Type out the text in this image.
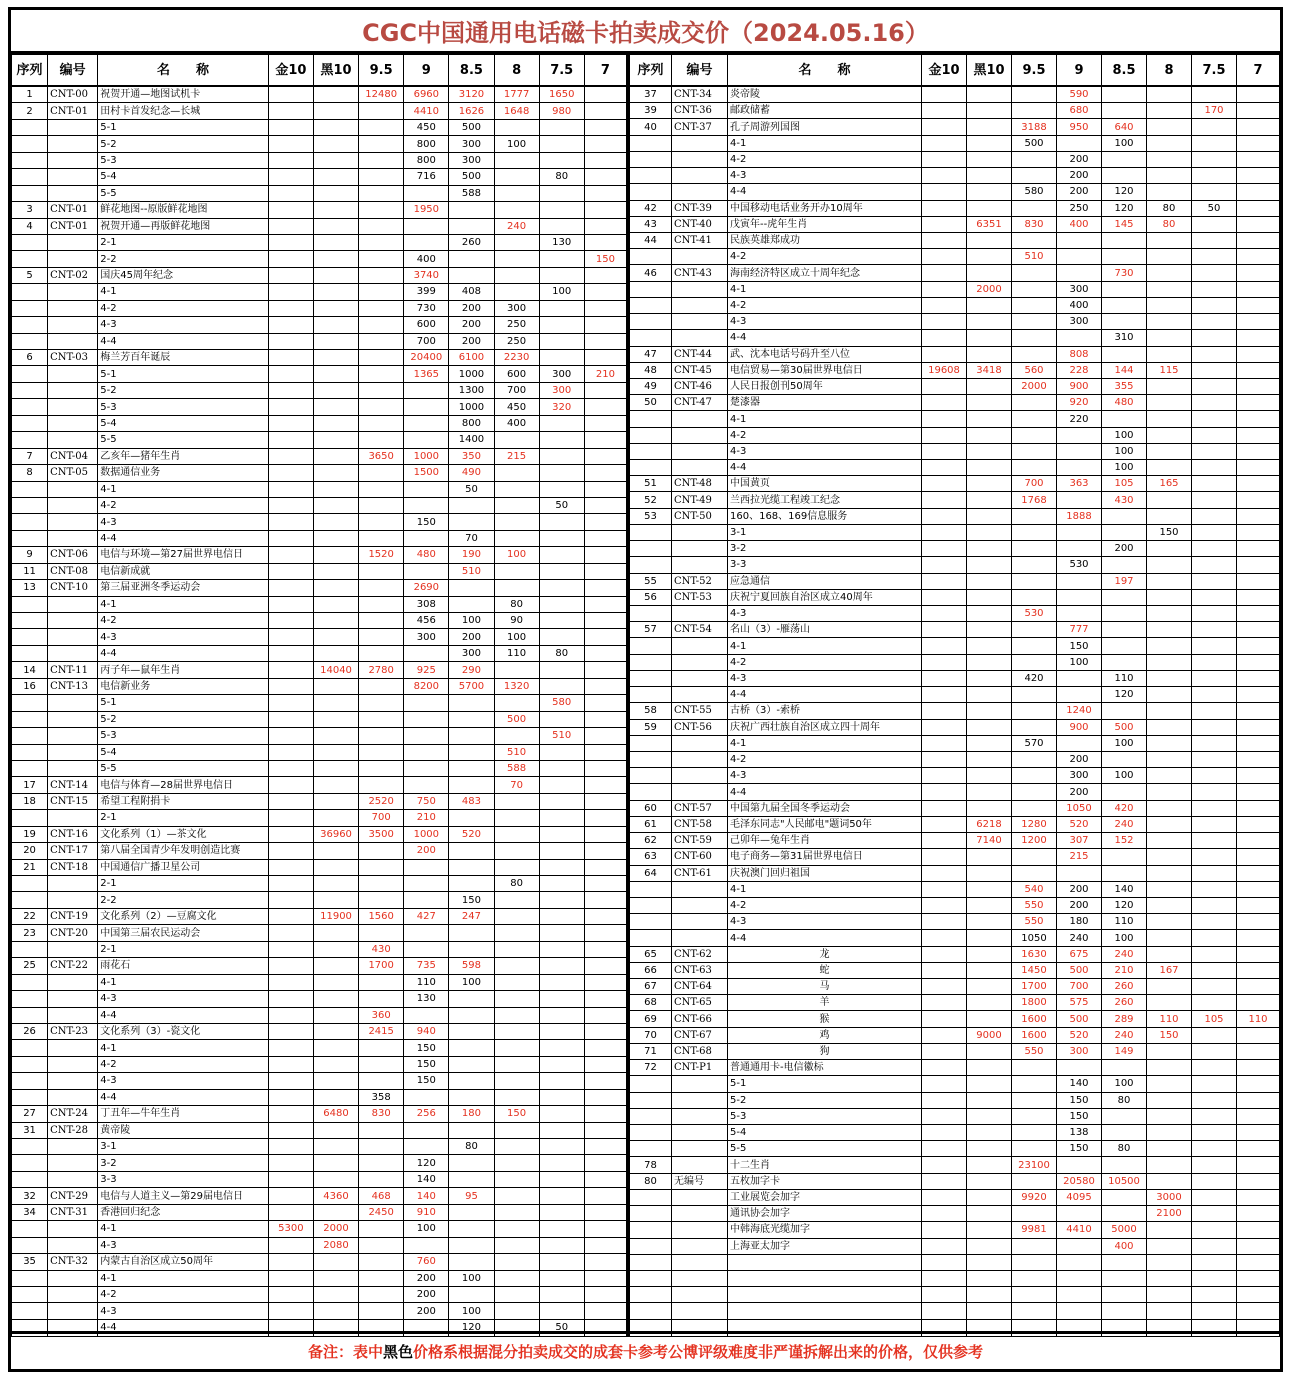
CGC中国通用电话磁卡拍卖成交价（2024.05.16）
序列	编号	名　　称	金10	黑10	9.5	9	8.5	8	7.5	7
1	CNT-00	祝贺开通—地图试机卡			12480	6960	3120	1777	1650	
2	CNT-01	田村卡首发纪念—长城				4410	1626	1648	980	
		5-1				450	500			
		5-2				800	300	100		
		5-3				800	300			
		5-4				716	500		80	
		5-5					588			
3	CNT-01	鲜花地图--原版鲜花地图				1950				
4	CNT-01	祝贺开通—再版鲜花地图						240		
		2-1					260		130	
		2-2				400				150
5	CNT-02	国庆45周年纪念				3740				
		4-1				399	408		100	
		4-2				730	200	300		
		4-3				600	200	250		
		4-4				700	200	250		
6	CNT-03	梅兰芳百年诞辰				20400	6100	2230		
		5-1				1365	1000	600	300	210
		5-2					1300	700	300	
		5-3					1000	450	320	
		5-4					800	400		
		5-5					1400			
7	CNT-04	乙亥年—猪年生肖			3650	1000	350	215		
8	CNT-05	数据通信业务				1500	490			
		4-1					50			
		4-2							50	
		4-3				150				
		4-4					70			
9	CNT-06	电信与环境—第27届世界电信日			1520	480	190	100		
11	CNT-08	电信新成就					510			
13	CNT-10	第三届亚洲冬季运动会				2690				
		4-1				308		80		
		4-2				456	100	90		
		4-3				300	200	100		
		4-4					300	110	80	
14	CNT-11	丙子年—鼠年生肖		14040	2780	925	290			
16	CNT-13	电信新业务				8200	5700	1320		
		5-1							580	
		5-2						500		
		5-3							510	
		5-4						510		
		5-5						588		
17	CNT-14	电信与体育—28届世界电信日						70		
18	CNT-15	希望工程附捐卡			2520	750	483			
		2-1			700	210				
19	CNT-16	文化系列（1）—茶文化		36960	3500	1000	520			
20	CNT-17	第八届全国青少年发明创造比赛				200				
21	CNT-18	中国通信广播卫星公司								
		2-1						80		
		2-2					150			
22	CNT-19	文化系列（2）—豆腐文化		11900	1560	427	247			
23	CNT-20	中国第三届农民运动会								
		2-1			430					
25	CNT-22	雨花石			1700	735	598			
		4-1				110	100			
		4-3				130				
		4-4			360					
26	CNT-23	文化系列（3）-瓷文化			2415	940				
		4-1				150				
		4-2				150				
		4-3				150				
		4-4			358					
27	CNT-24	丁丑年—牛年生肖		6480	830	256	180	150		
31	CNT-28	黄帝陵								
		3-1					80			
		3-2				120				
		3-3				140				
32	CNT-29	电信与人道主义—第29届电信日		4360	468	140	95			
34	CNT-31	香港回归纪念			2450	910				
		4-1	5300	2000		100				
		4-3		2080						
35	CNT-32	内蒙古自治区成立50周年				760				
		4-1				200	100			
		4-2				200				
		4-3				200	100			
		4-4					120		50	
序列	编号	名　　称	金10	黑10	9.5	9	8.5	8	7.5	7
37	CNT-34	炎帝陵				590				
39	CNT-36	邮政储蓄				680			170	
40	CNT-37	孔子周游列国图			3188	950	640			
		4-1			500		100			
		4-2				200				
		4-3				200				
		4-4			580	200	120			
42	CNT-39	中国移动电话业务开办10周年				250	120	80	50	
43	CNT-40	戊寅年--虎年生肖		6351	830	400	145	80		
44	CNT-41	民族英雄郑成功								
		4-2			510					
46	CNT-43	海南经济特区成立十周年纪念					730			
		4-1		2000		300				
		4-2				400				
		4-3				300				
		4-4					310			
47	CNT-44	武、沈本电话号码升至八位				808				
48	CNT-45	电信贸易—第30届世界电信日	19608	3418	560	228	144	115		
49	CNT-46	人民日报创刊50周年			2000	900	355			
50	CNT-47	楚漆器				920	480			
		4-1				220				
		4-2					100			
		4-3					100			
		4-4					100			
51	CNT-48	中国黄页			700	363	105	165		
52	CNT-49	兰西拉光缆工程竣工纪念			1768		430			
53	CNT-50	160、168、169信息服务				1888				
		3-1						150		
		3-2					200			
		3-3				530				
55	CNT-52	应急通信					197			
56	CNT-53	庆祝宁夏回族自治区成立40周年								
		4-3			530					
57	CNT-54	名山（3）-雁荡山				777				
		4-1				150				
		4-2				100				
		4-3			420		110			
		4-4					120			
58	CNT-55	古桥（3）-索桥				1240				
59	CNT-56	庆祝广西壮族自治区成立四十周年				900	500			
		4-1			570		100			
		4-2				200				
		4-3				300	100			
		4-4				200				
60	CNT-57	中国第九届全国冬季运动会				1050	420			
61	CNT-58	毛泽东同志"人民邮电"题词50年		6218	1280	520	240			
62	CNT-59	己卯年—兔年生肖		7140	1200	307	152			
63	CNT-60	电子商务—第31届世界电信日				215				
64	CNT-61	庆祝澳门回归祖国								
		4-1			540	200	140			
		4-2			550	200	120			
		4-3			550	180	110			
		4-4			1050	240	100			
65	CNT-62	龙			1630	675	240			
66	CNT-63	蛇			1450	500	210	167		
67	CNT-64	马			1700	700	260			
68	CNT-65	羊			1800	575	260			
69	CNT-66	猴			1600	500	289	110	105	110
70	CNT-67	鸡		9000	1600	520	240	150		
71	CNT-68	狗			550	300	149			
72	CNT-P1	普通通用卡-电信徽标								
		5-1				140	100			
		5-2				150	80			
		5-3				150				
		5-4				138				
		5-5				150	80			
78		十二生肖			23100					
80	无编号	五枚加字卡				20580	10500			
		工业展览会加字			9920	4095		3000		
		通讯协会加字						2100		
		中韩海底光缆加字			9981	4410	5000			
		上海亚太加字					400			

备注：表中 黑色 价格系根据混分拍卖成交的成套卡参考公博评级难度非严谨拆解出来的价格，仅供参考
